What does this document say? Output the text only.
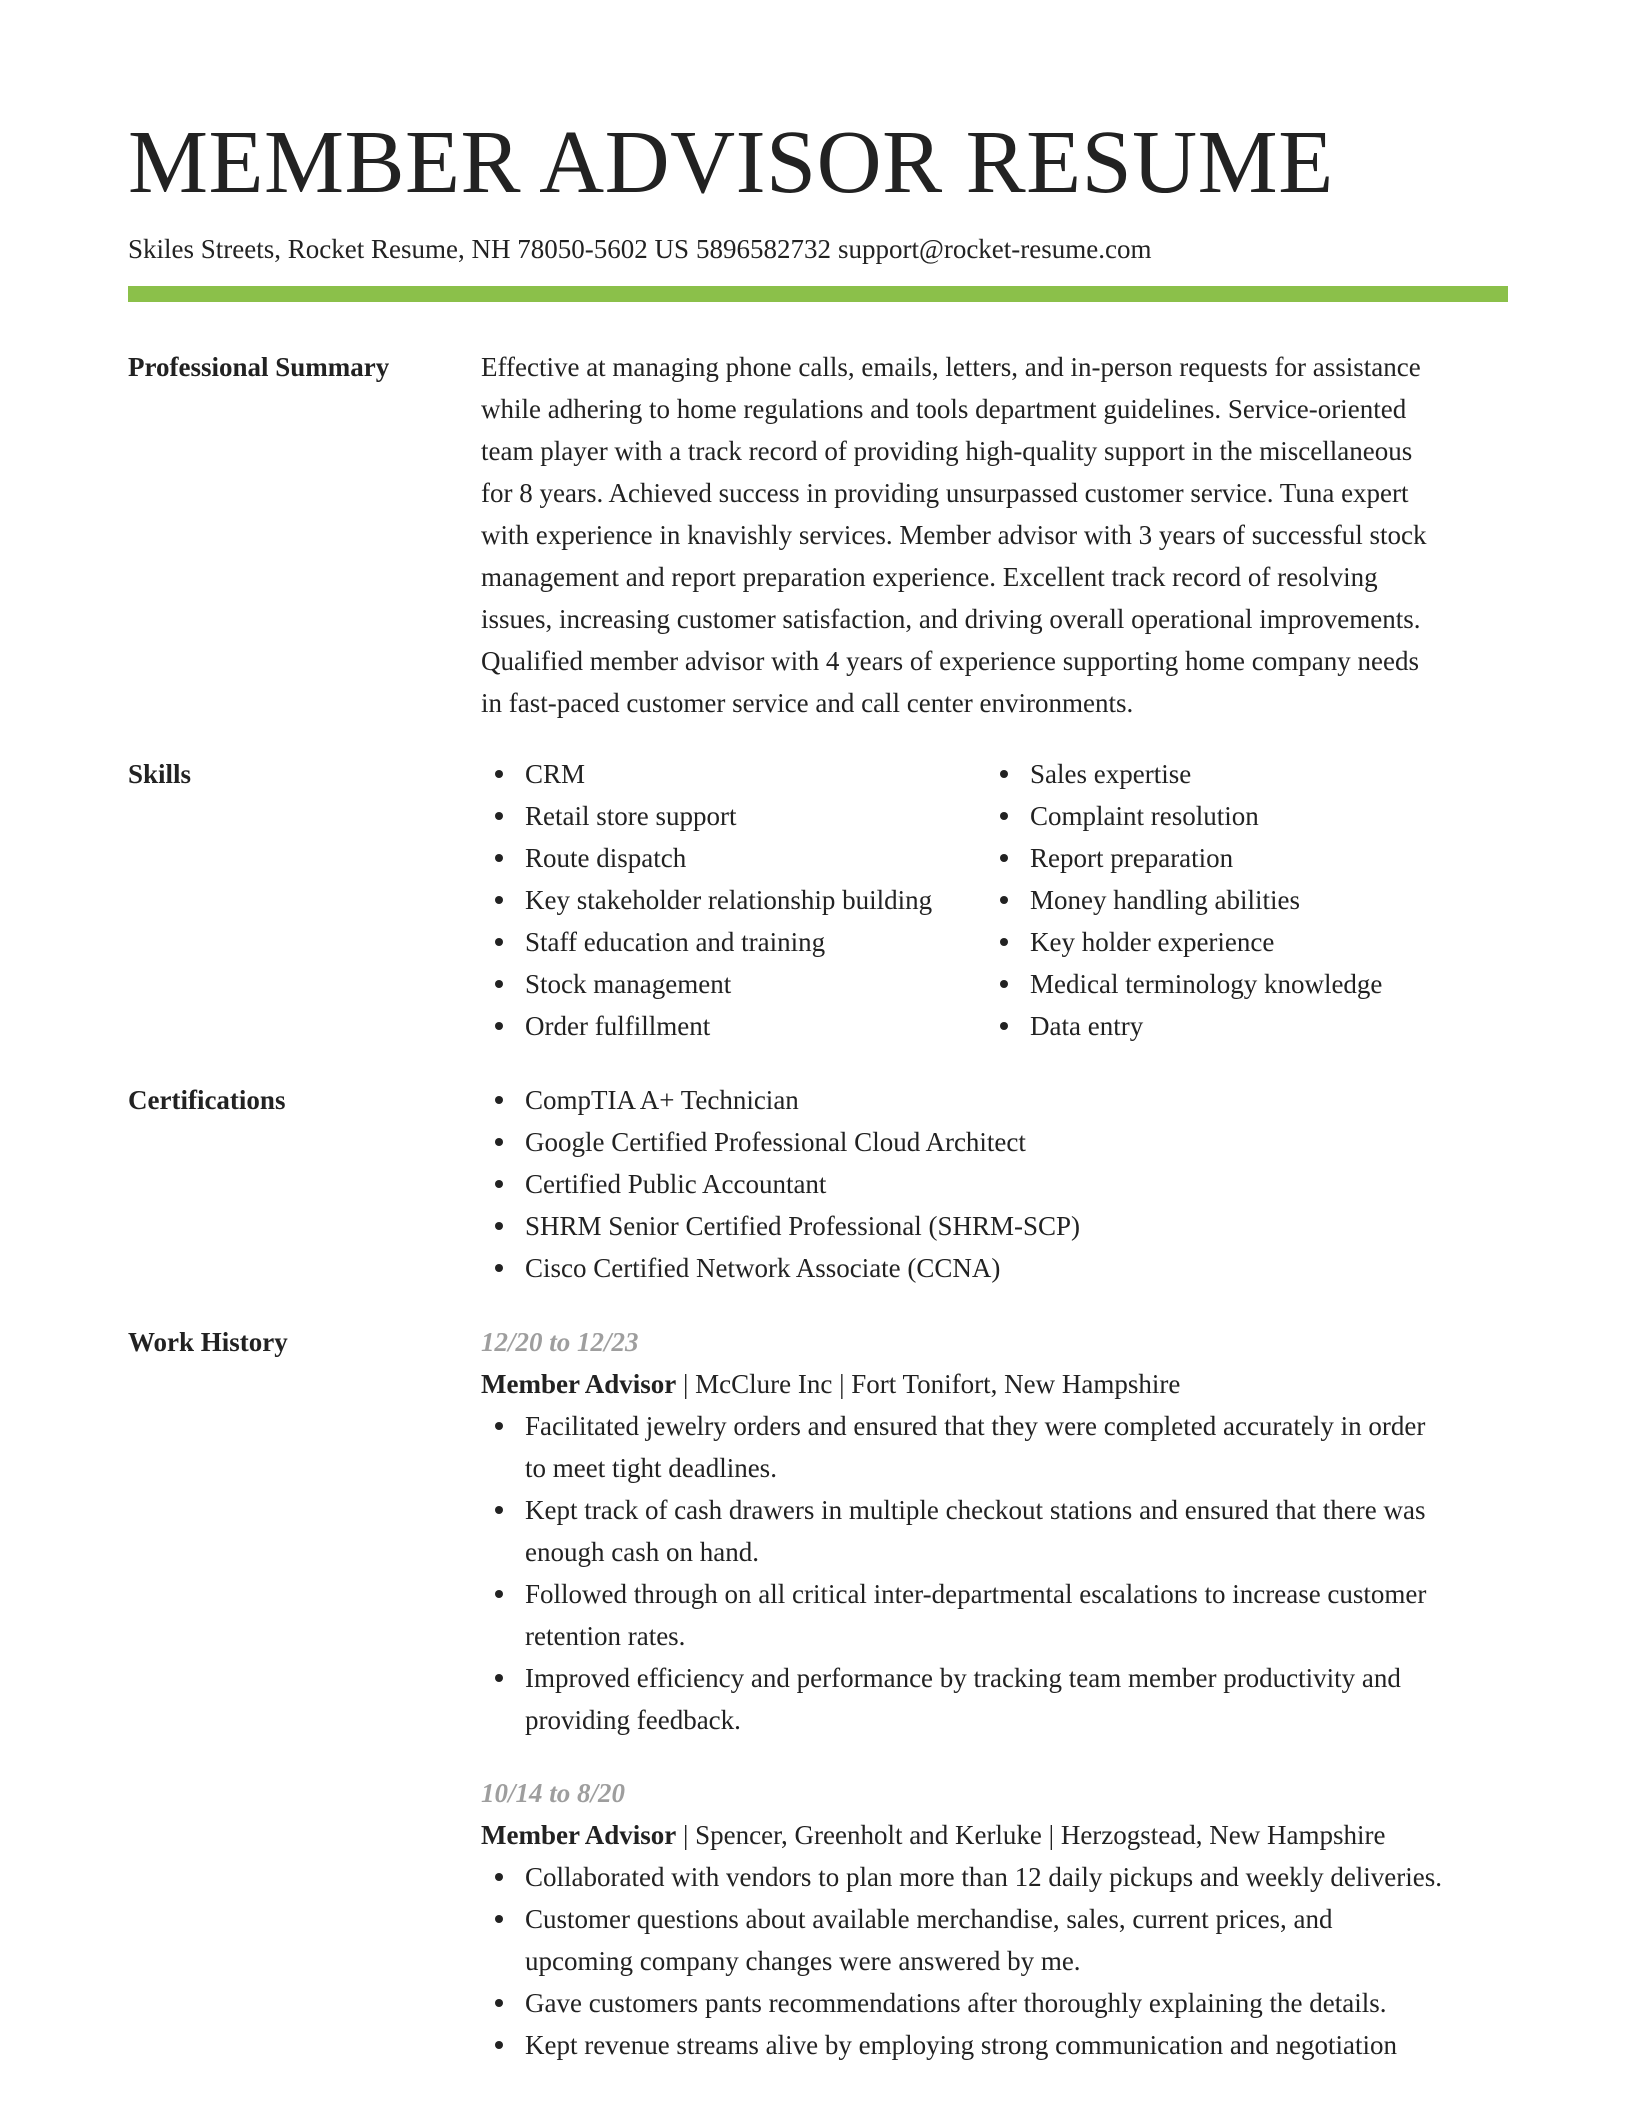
MEMBER ADVISOR RESUME
Skiles Streets, Rocket Resume, NH 78050-5602 US 5896582732 support@rocket-resume.com
Professional Summary	Effective at managing phone calls, emails, letters, and in-person requests for assistance
while adhering to home regulations and tools department guidelines. Service-oriented
team player with a track record of providing high-quality support in the miscellaneous
for 8 years. Achieved success in providing unsurpassed customer service. Tuna expert
with experience in knavishly services. Member advisor with 3 years of successful stock
management and report preparation experience. Excellent track record of resolving
issues, increasing customer satisfaction, and driving overall operational improvements.
Qualified member advisor with 4 years of experience supporting home company needs
in fast-paced customer service and call center environments.
Skills	CRM
Retail store support
Route dispatch
Key stakeholder relationship building
Staff education and training
Stock management
Order fulfillment
Sales expertise
Complaint resolution
Report preparation
Money handling abilities
Key holder experience
Medical terminology knowledge
Data entry
Certifications	CompTIA A+ Technician
Google Certified Professional Cloud Architect
Certified Public Accountant
SHRM Senior Certified Professional (SHRM-SCP)
Cisco Certified Network Associate (CCNA)
Work History	12/20 to 12/23
Member Advisor | McClure Inc | Fort Tonifort, New Hampshire
Facilitated jewelry orders and ensured that they were completed accurately in order
to meet tight deadlines.
Kept track of cash drawers in multiple checkout stations and ensured that there was
enough cash on hand.
Followed through on all critical inter-departmental escalations to increase customer
retention rates.
Improved efficiency and performance by tracking team member productivity and
providing feedback.
10/14 to 8/20
Member Advisor | Spencer, Greenholt and Kerluke | Herzogstead, New Hampshire
Collaborated with vendors to plan more than 12 daily pickups and weekly deliveries.
Customer questions about available merchandise, sales, current prices, and
upcoming company changes were answered by me.
Gave customers pants recommendations after thoroughly explaining the details.
Kept revenue streams alive by employing strong communication and negotiation
